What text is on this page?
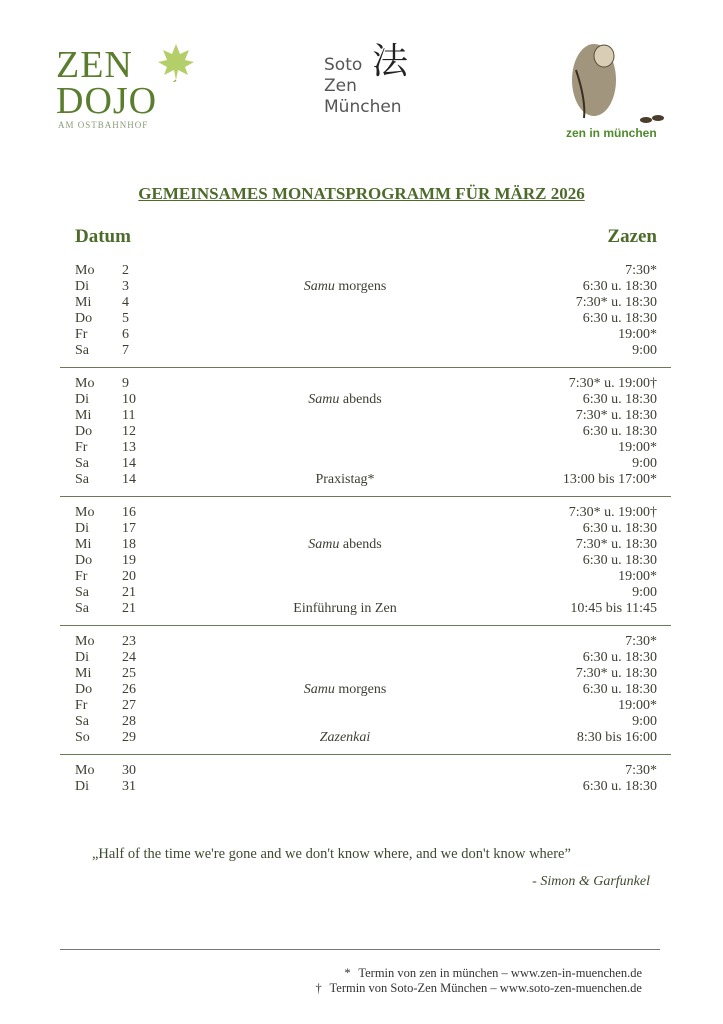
ZEN
DOJO
AM OSTBAHNHOF
Soto
Zen
München
法
zen in münchen
GEMEINSAMES MONATSPROGRAMM FÜR MÄRZ 2026
Datum	Zazen
Mo 2	7:30*
Di 3	Samu morgens	6:30 u. 18:30
Mi 4	7:30* u. 18:30
Do 5	6:30 u. 18:30
Fr 6	19:00*
Sa 7	9:00
Mo 9	7:30* u. 19:00†
Di 10	Samu abends	6:30 u. 18:30
Mi 11	7:30* u. 18:30
Do 12	6:30 u. 18:30
Fr 13	19:00*
Sa 14	9:00
Sa 14	Praxistag*	13:00 bis 17:00*
Mo 16	7:30* u. 19:00†
Di 17	6:30 u. 18:30
Mi 18	Samu abends	7:30* u. 18:30
Do 19	6:30 u. 18:30
Fr 20	19:00*
Sa 21	9:00
Sa 21	Einführung in Zen	10:45 bis 11:45
Mo 23	7:30*
Di 24	6:30 u. 18:30
Mi 25	7:30* u. 18:30
Do 26	Samu morgens	6:30 u. 18:30
Fr 27	19:00*
Sa 28	9:00
So 29	Zazenkai	8:30 bis 16:00
Mo 30	7:30*
Di 31	6:30 u. 18:30
„Half of the time we're gone and we don't know where, and we don't know where”
- Simon & Garfunkel
* Termin von zen in münchen – www.zen-in-muenchen.de
† Termin von Soto-Zen München – www.soto-zen-muenchen.de
